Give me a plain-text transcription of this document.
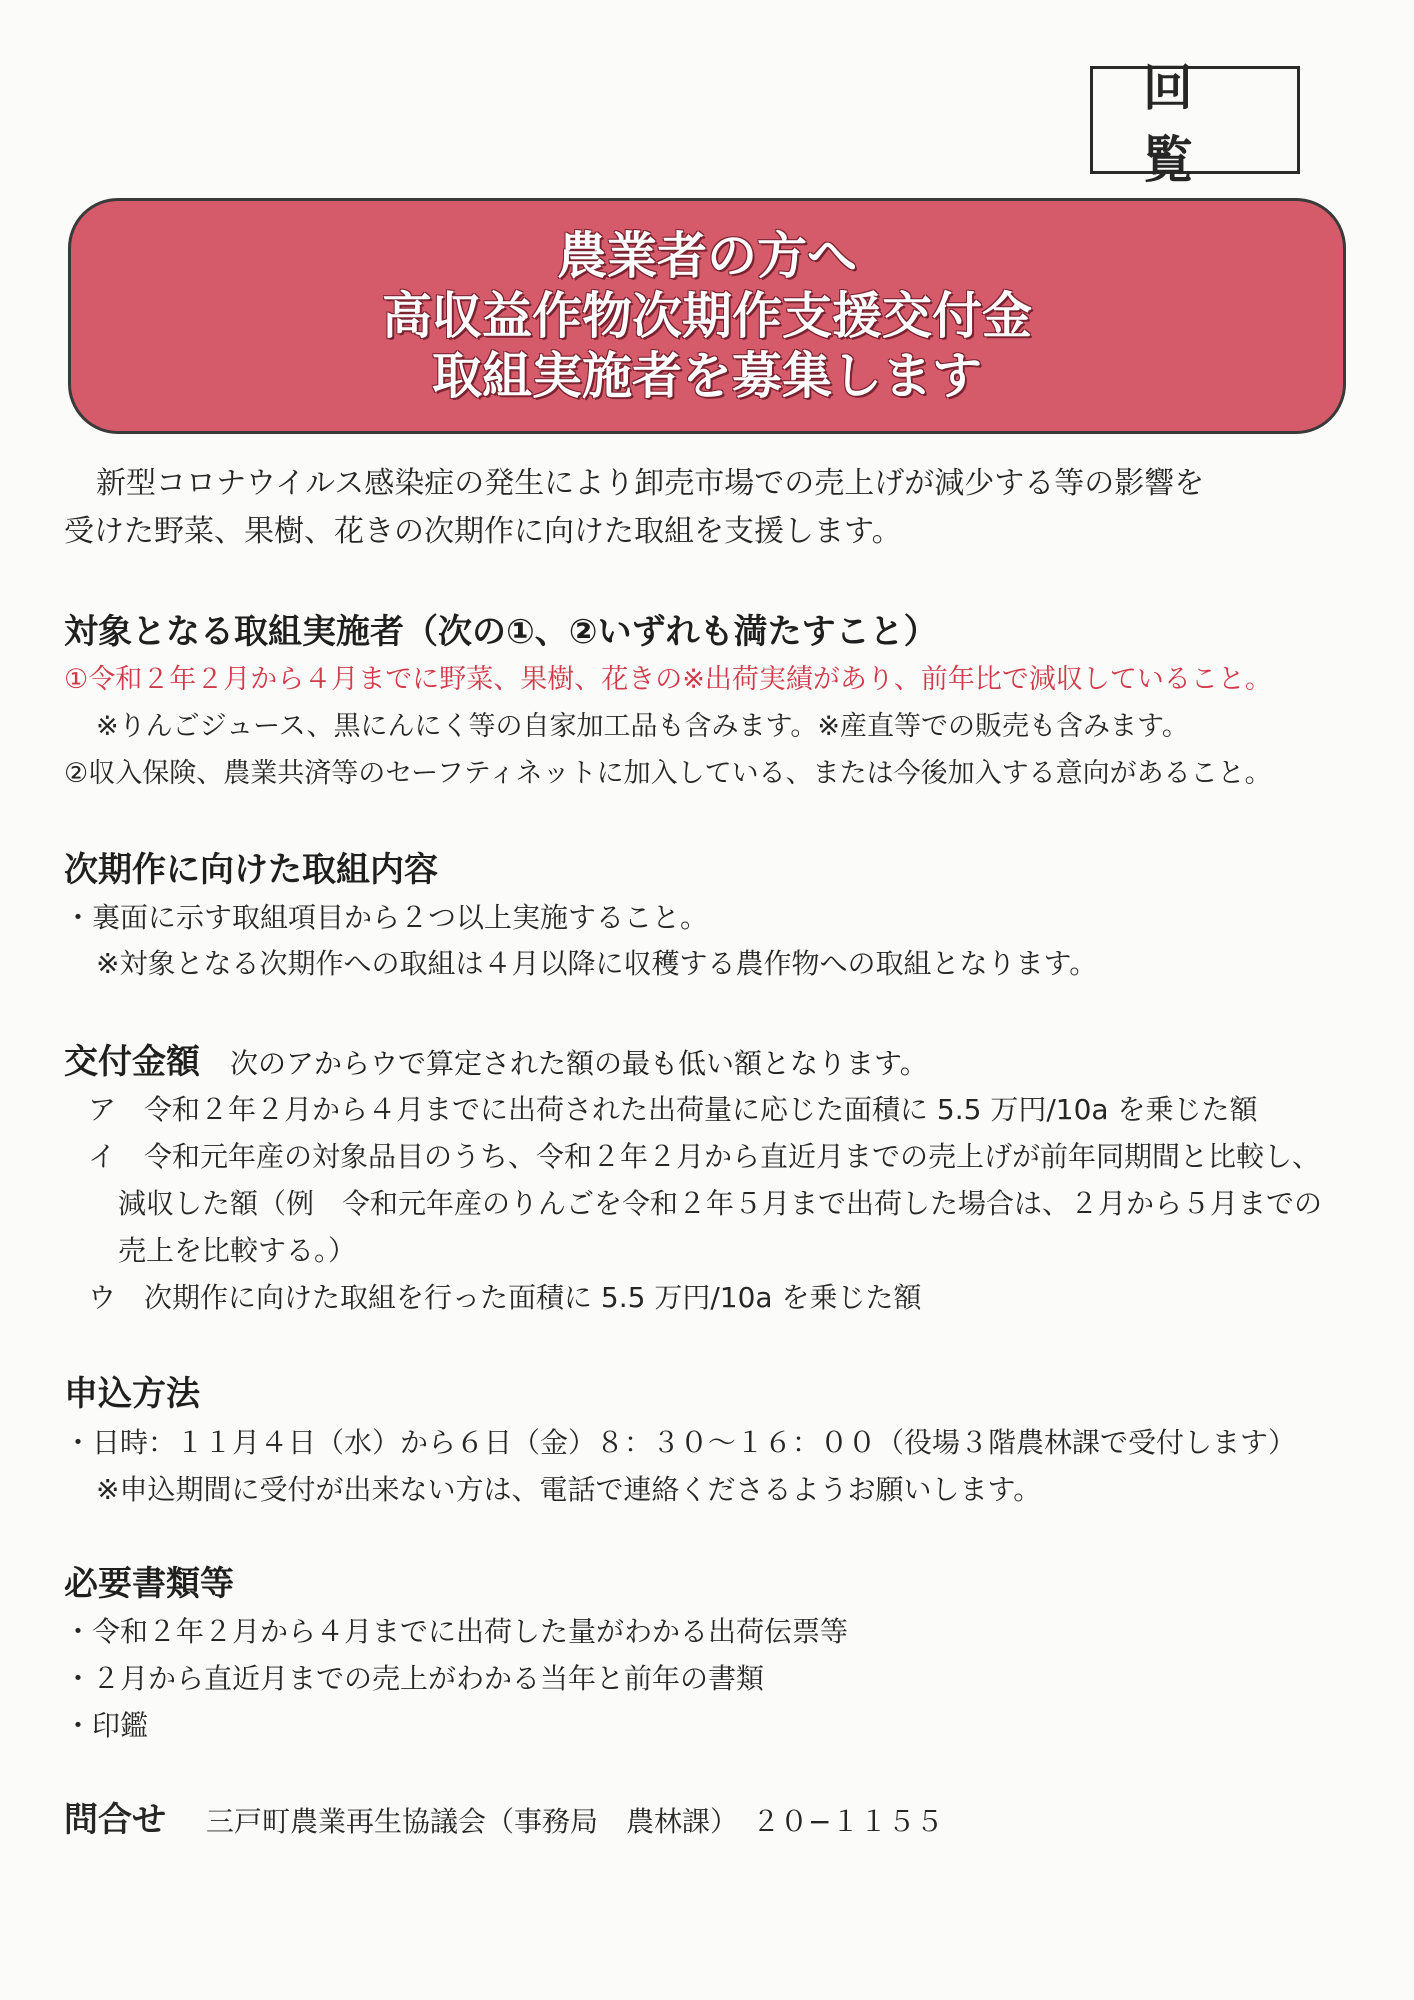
回覧
農業者の方へ
高収益作物次期作支援交付金
取組実施者を募集します
新型コロナウイルス感染症の発生により卸売市場での売上げが減少する等の影響を
受けた野菜、果樹、花きの次期作に向けた取組を支援します。
対象となる取組実施者（次の①、②いずれも満たすこと）
①令和２年２月から４月までに野菜、果樹、花きの※出荷実績があり、前年比で減収していること。
※りんごジュース、黒にんにく等の自家加工品も含みます。※産直等での販売も含みます。
②収入保険、農業共済等のセーフティネットに加入している、または今後加入する意向があること。
次期作に向けた取組内容
・裏面に示す取組項目から２つ以上実施すること。
※対象となる次期作への取組は４月以降に収穫する農作物への取組となります。
交付金額 次のアからウで算定された額の最も低い額となります。
ア　令和２年２月から４月までに出荷された出荷量に応じた面積に 5.5 万円/10a を乗じた額
イ　令和元年産の対象品目のうち、令和２年２月から直近月までの売上げが前年同期間と比較し、
減収した額（例　令和元年産のりんごを令和２年５月まで出荷した場合は、２月から５月までの
売上を比較する。）
ウ　次期作に向けた取組を行った面積に 5.5 万円/10a を乗じた額
申込方法
・日時：１１月４日（水）から６日（金）８：３０〜１６：００（役場３階農林課で受付します）
※申込期間に受付が出来ない方は、電話で連絡くださるようお願いします。
必要書類等
・令和２年２月から４月までに出荷した量がわかる出荷伝票等
・２月から直近月までの売上がわかる当年と前年の書類
・印鑑
問合せ 三戸町農業再生協議会（事務局　農林課）　２０−１１５５
